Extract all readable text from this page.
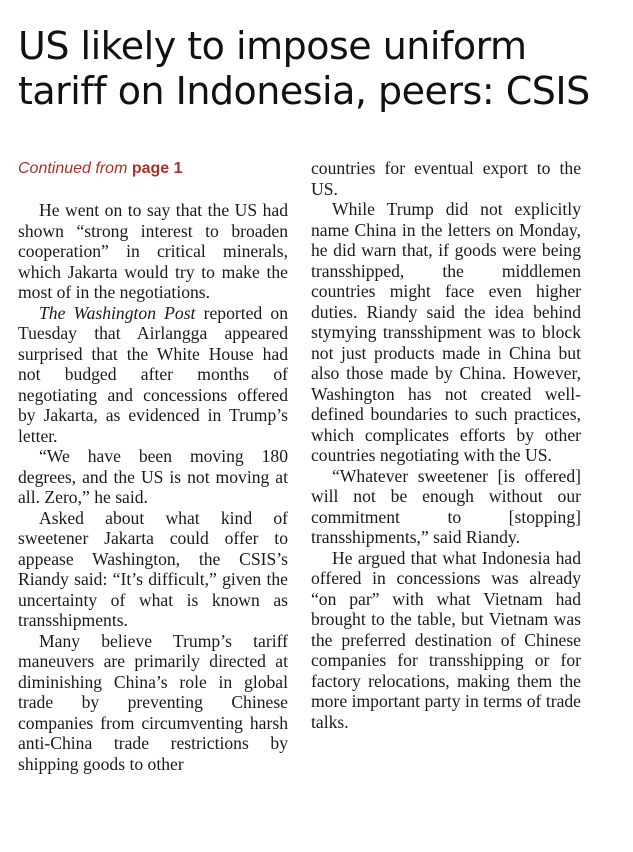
US likely to impose uniform
tariff on Indonesia, peers: CSIS
Continued from page 1

He went on to say that the US had shown “strong interest to broaden cooperation” in critical minerals, which Jakarta would try to make the most of in the negotiations.

The Washington Post reported on Tuesday that Airlangga appeared surprised that the White House had not budged after months of negotiating and concessions offered by Jakarta, as evidenced in Trump’s letter.

“We have been moving 180 degrees, and the US is not moving at all. Zero,” he said.

Asked about what kind of sweetener Jakarta could offer to appease Washington, the CSIS’s Riandy said: “It’s difficult,” given the uncertainty of what is known as transshipments.

Many believe Trump’s tariff maneuvers are primarily directed at diminishing China’s role in global trade by preventing Chinese companies from circumventing harsh anti-China trade restrictions by shipping goods to other

countries for eventual export to the US.

While Trump did not explicitly name China in the letters on Monday, he did warn that, if goods were being transshipped, the middlemen countries might face even higher duties. Riandy said the idea behind stymying transshipment was to block not just products made in China but also those made by China. However, Washington has not created well-defined boundaries to such practices, which complicates efforts by other countries negotiating with the US.

“Whatever sweetener [is offered] will not be enough without our commitment to [stopping] transshipments,” said Riandy.

He argued that what Indonesia had offered in concessions was already “on par” with what Vietnam had brought to the table, but Vietnam was the preferred destination of Chinese companies for transshipping or for factory relocations, making them the more important party in terms of trade talks.
